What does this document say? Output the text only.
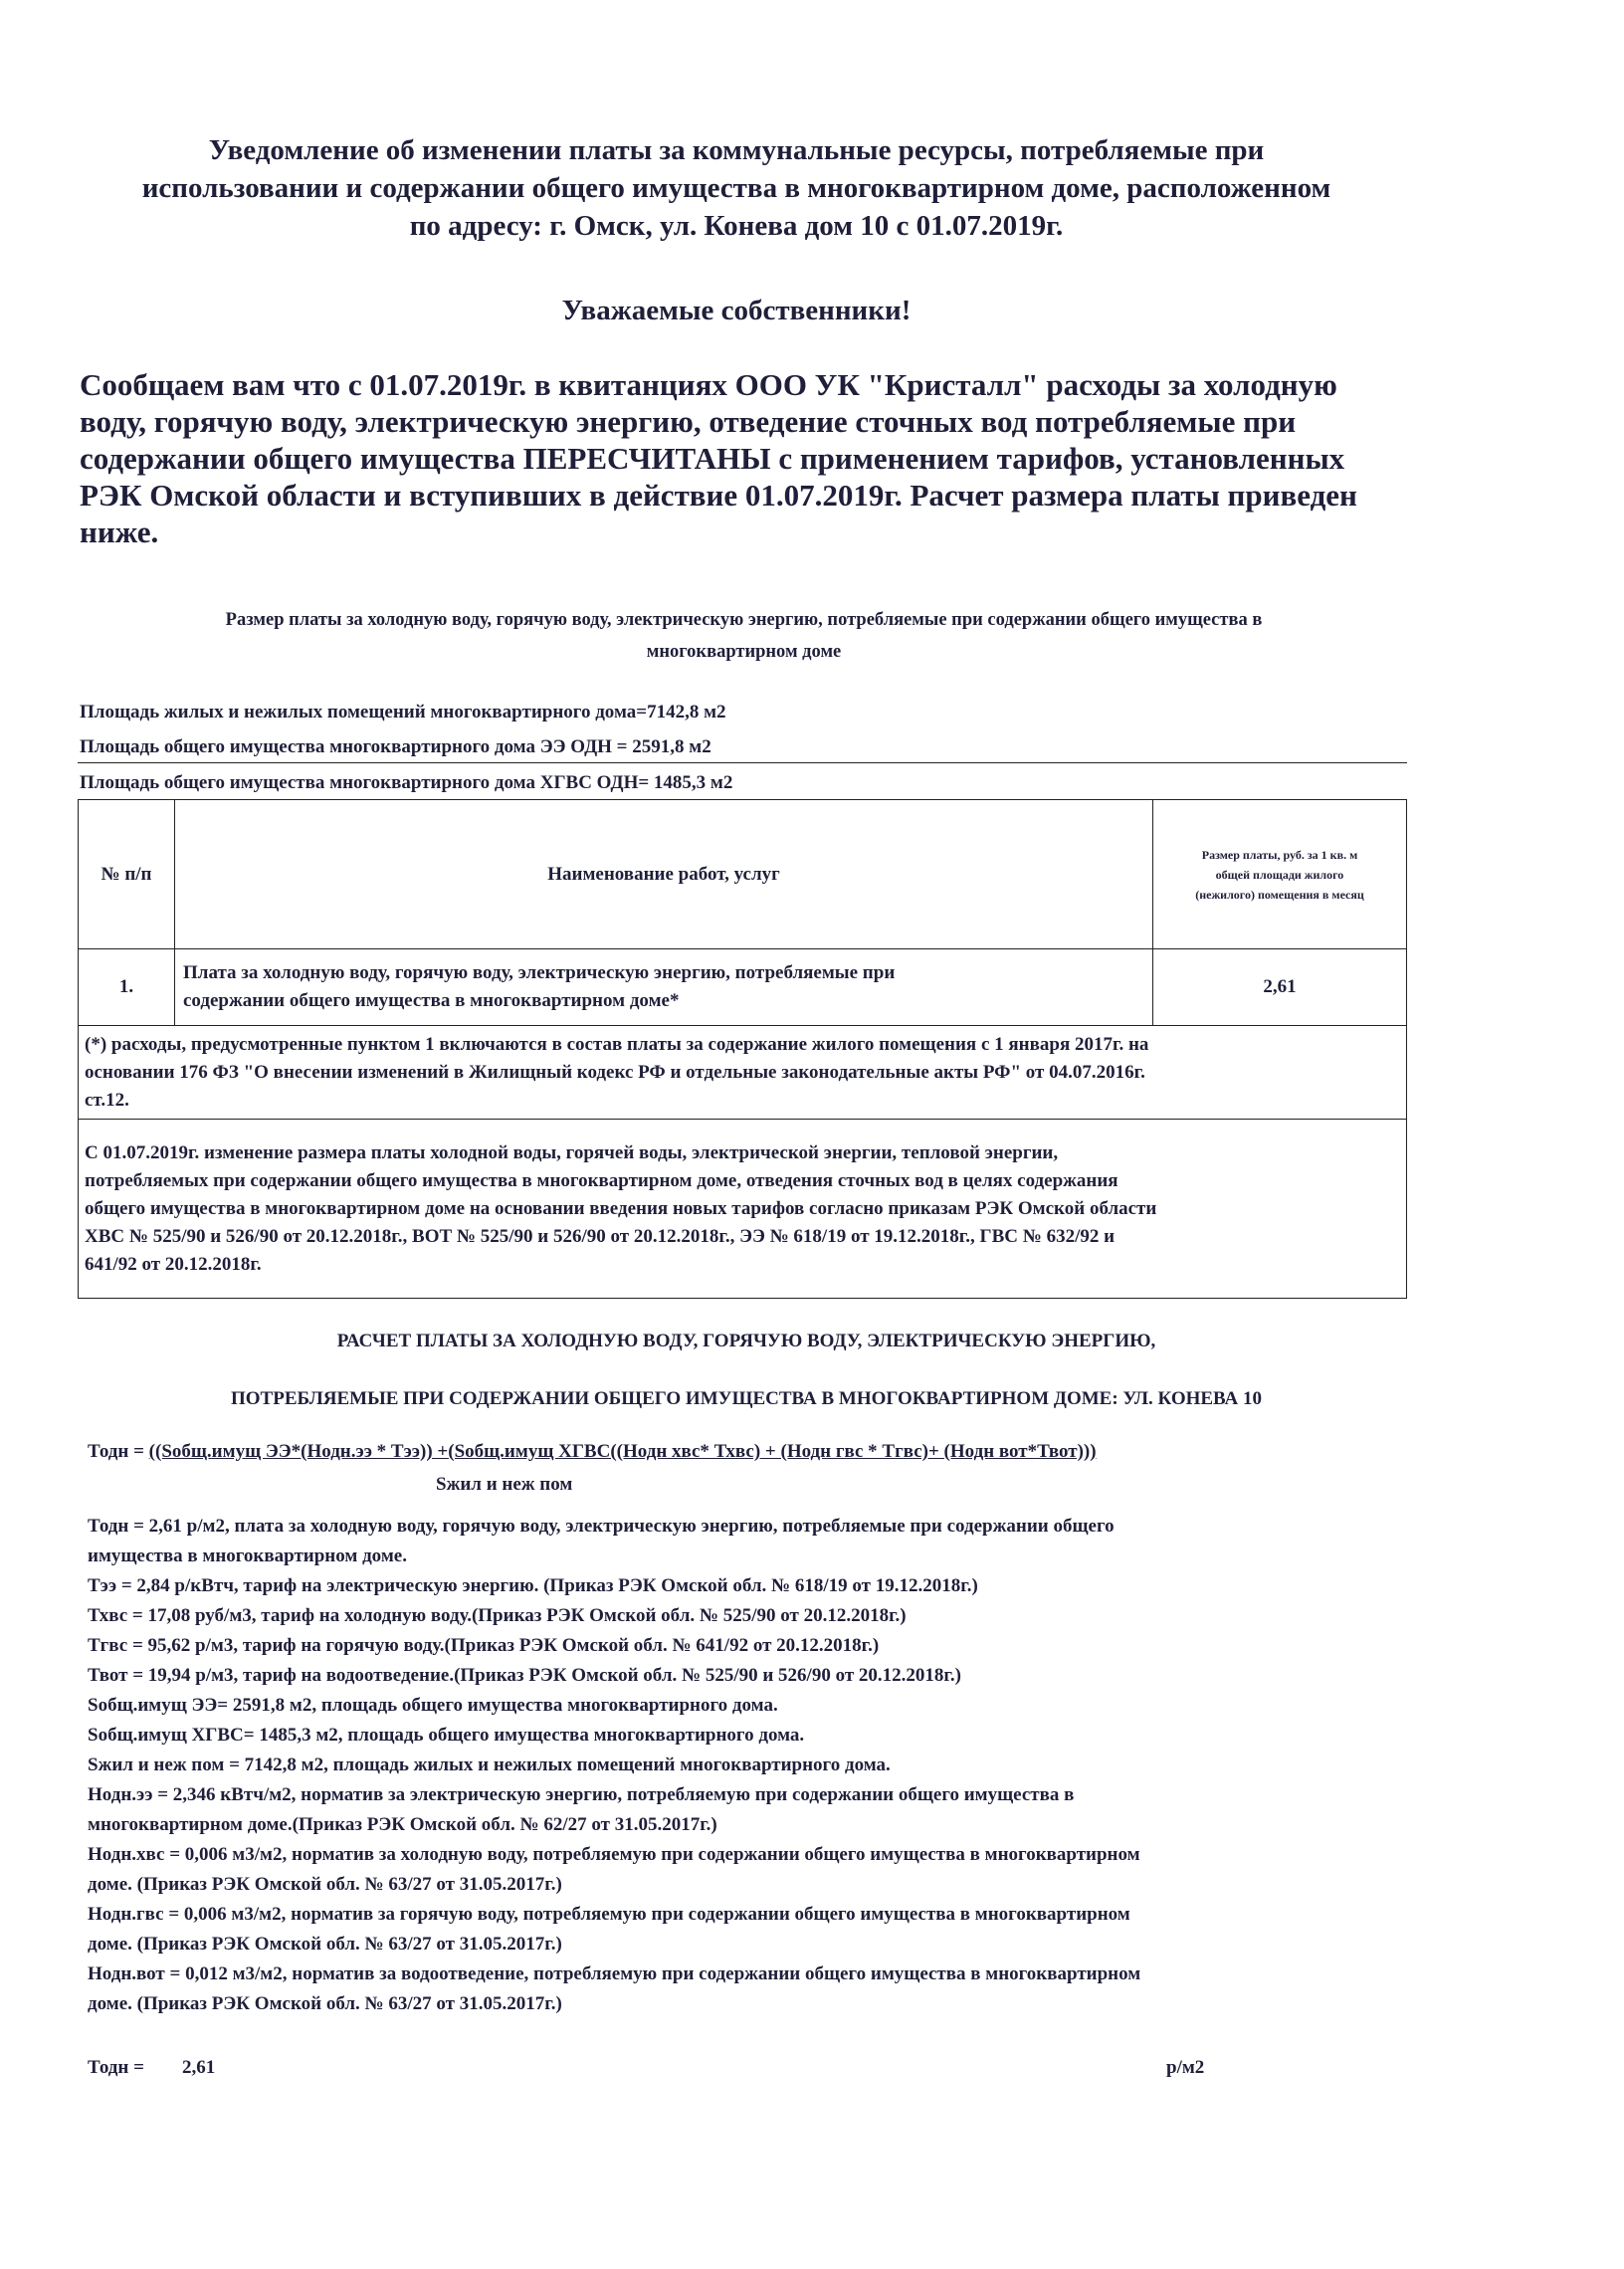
Уведомление об изменении платы за коммунальные ресурсы, потребляемые при
использовании и содержании общего имущества в многоквартирном доме, расположенном
по адресу: г. Омск, ул. Конева дом 10 с 01.07.2019г.
Уважаемые собственники!
Сообщаем вам что с 01.07.2019г. в квитанциях ООО УК "Кристалл" расходы за холодную
воду, горячую воду, электрическую энергию, отведение сточных вод потребляемые при
содержании общего имущества ПЕРЕСЧИТАНЫ с применением тарифов, установленных
РЭК Омской области и вступивших в действие 01.07.2019г. Расчет размера платы приведен
ниже.
Размер платы за холодную воду, горячую воду, электрическую энергию, потребляемые при содержании общего имущества в
многоквартирном доме
Площадь жилых и нежилых помещений многоквартирного дома=7142,8 м2
Площадь общего имущества многоквартирного дома ЭЭ ОДН = 2591,8 м2
Площадь общего имущества многоквартирного дома ХГВС ОДН= 1485,3 м2
№ п/п	Наименование работ, услуг	Размер платы, руб. за 1 кв. м
общей площади жилого
(нежилого) помещения в месяц

1.	Плата за холодную воду, горячую воду, электрическую энергию, потребляемые при
содержании общего имущества в многоквартирном доме*	2,61

(*) расходы, предусмотренные пунктом 1 включаются в состав платы за содержание жилого помещения с 1 января 2017г. на
основании 176 ФЗ "О внесении изменений в Жилищный кодекс РФ и отдельные законодательные акты РФ" от 04.07.2016г.
ст.12.		

С 01.07.2019г. изменение размера платы холодной воды, горячей воды, электрической энергии, тепловой энергии,
потребляемых при содержании общего имущества в многоквартирном доме, отведения сточных вод в целях содержания
общего имущества в многоквартирном доме на основании введения новых тарифов согласно приказам РЭК Омской области
ХВС № 525/90 и 526/90 от 20.12.2018г., ВОТ № 525/90 и 526/90 от 20.12.2018г., ЭЭ № 618/19 от 19.12.2018г., ГВС № 632/92 и
641/92 от 20.12.2018г.		
РАСЧЕТ ПЛАТЫ ЗА ХОЛОДНУЮ ВОДУ, ГОРЯЧУЮ ВОДУ, ЭЛЕКТРИЧЕСКУЮ ЭНЕРГИЮ,
ПОТРЕБЛЯЕМЫЕ ПРИ СОДЕРЖАНИИ ОБЩЕГО ИМУЩЕСТВА В МНОГОКВАРТИРНОМ ДОМЕ: УЛ. КОНЕВА 10
Тодн = ((Sобщ.имущ ЭЭ*(Нодн.ээ * Тээ)) +(Sобщ.имущ ХГВС((Нодн хвс* Тхвс) + (Нодн гвс * Тгвс)+ (Нодн вот*Твот)))
Sжил и неж пом

Тодн = 2,61 р/м2, плата за холодную воду, горячую воду, электрическую энергию, потребляемые при содержании общего

имущества в многоквартирном доме.

Тээ = 2,84 р/кВтч, тариф на электрическую энергию. (Приказ РЭК Омской обл. № 618/19 от 19.12.2018г.)

Тхвс = 17,08 руб/м3, тариф на холодную воду.(Приказ РЭК Омской обл. № 525/90 от 20.12.2018г.)

Тгвс = 95,62 р/м3, тариф на горячую воду.(Приказ РЭК Омской обл. № 641/92 от 20.12.2018г.)

Твот = 19,94 р/м3, тариф на водоотведение.(Приказ РЭК Омской обл. № 525/90 и 526/90 от 20.12.2018г.)

Sобщ.имущ ЭЭ= 2591,8 м2, площадь общего имущества многоквартирного дома.

Sобщ.имущ ХГВС= 1485,3 м2, площадь общего имущества многоквартирного дома.

Sжил и неж пом = 7142,8 м2, площадь жилых и нежилых помещений многоквартирного дома.

Нодн.ээ = 2,346 кВтч/м2, норматив за электрическую энергию, потребляемую при содержании общего имущества в

многоквартирном доме.(Приказ РЭК Омской обл. № 62/27 от 31.05.2017г.)

Нодн.хвс = 0,006 м3/м2, норматив за холодную воду, потребляемую при содержании общего имущества в многоквартирном

доме. (Приказ РЭК Омской обл. № 63/27 от 31.05.2017г.)

Нодн.гвс = 0,006 м3/м2, норматив за горячую воду, потребляемую при содержании общего имущества в многоквартирном

доме. (Приказ РЭК Омской обл. № 63/27 от 31.05.2017г.)

Нодн.вот = 0,012 м3/м2, норматив за водоотведение, потребляемую при содержании общего имущества в многоквартирном

доме. (Приказ РЭК Омской обл. № 63/27 от 31.05.2017г.)

Тодн = 2,61	р/м2
